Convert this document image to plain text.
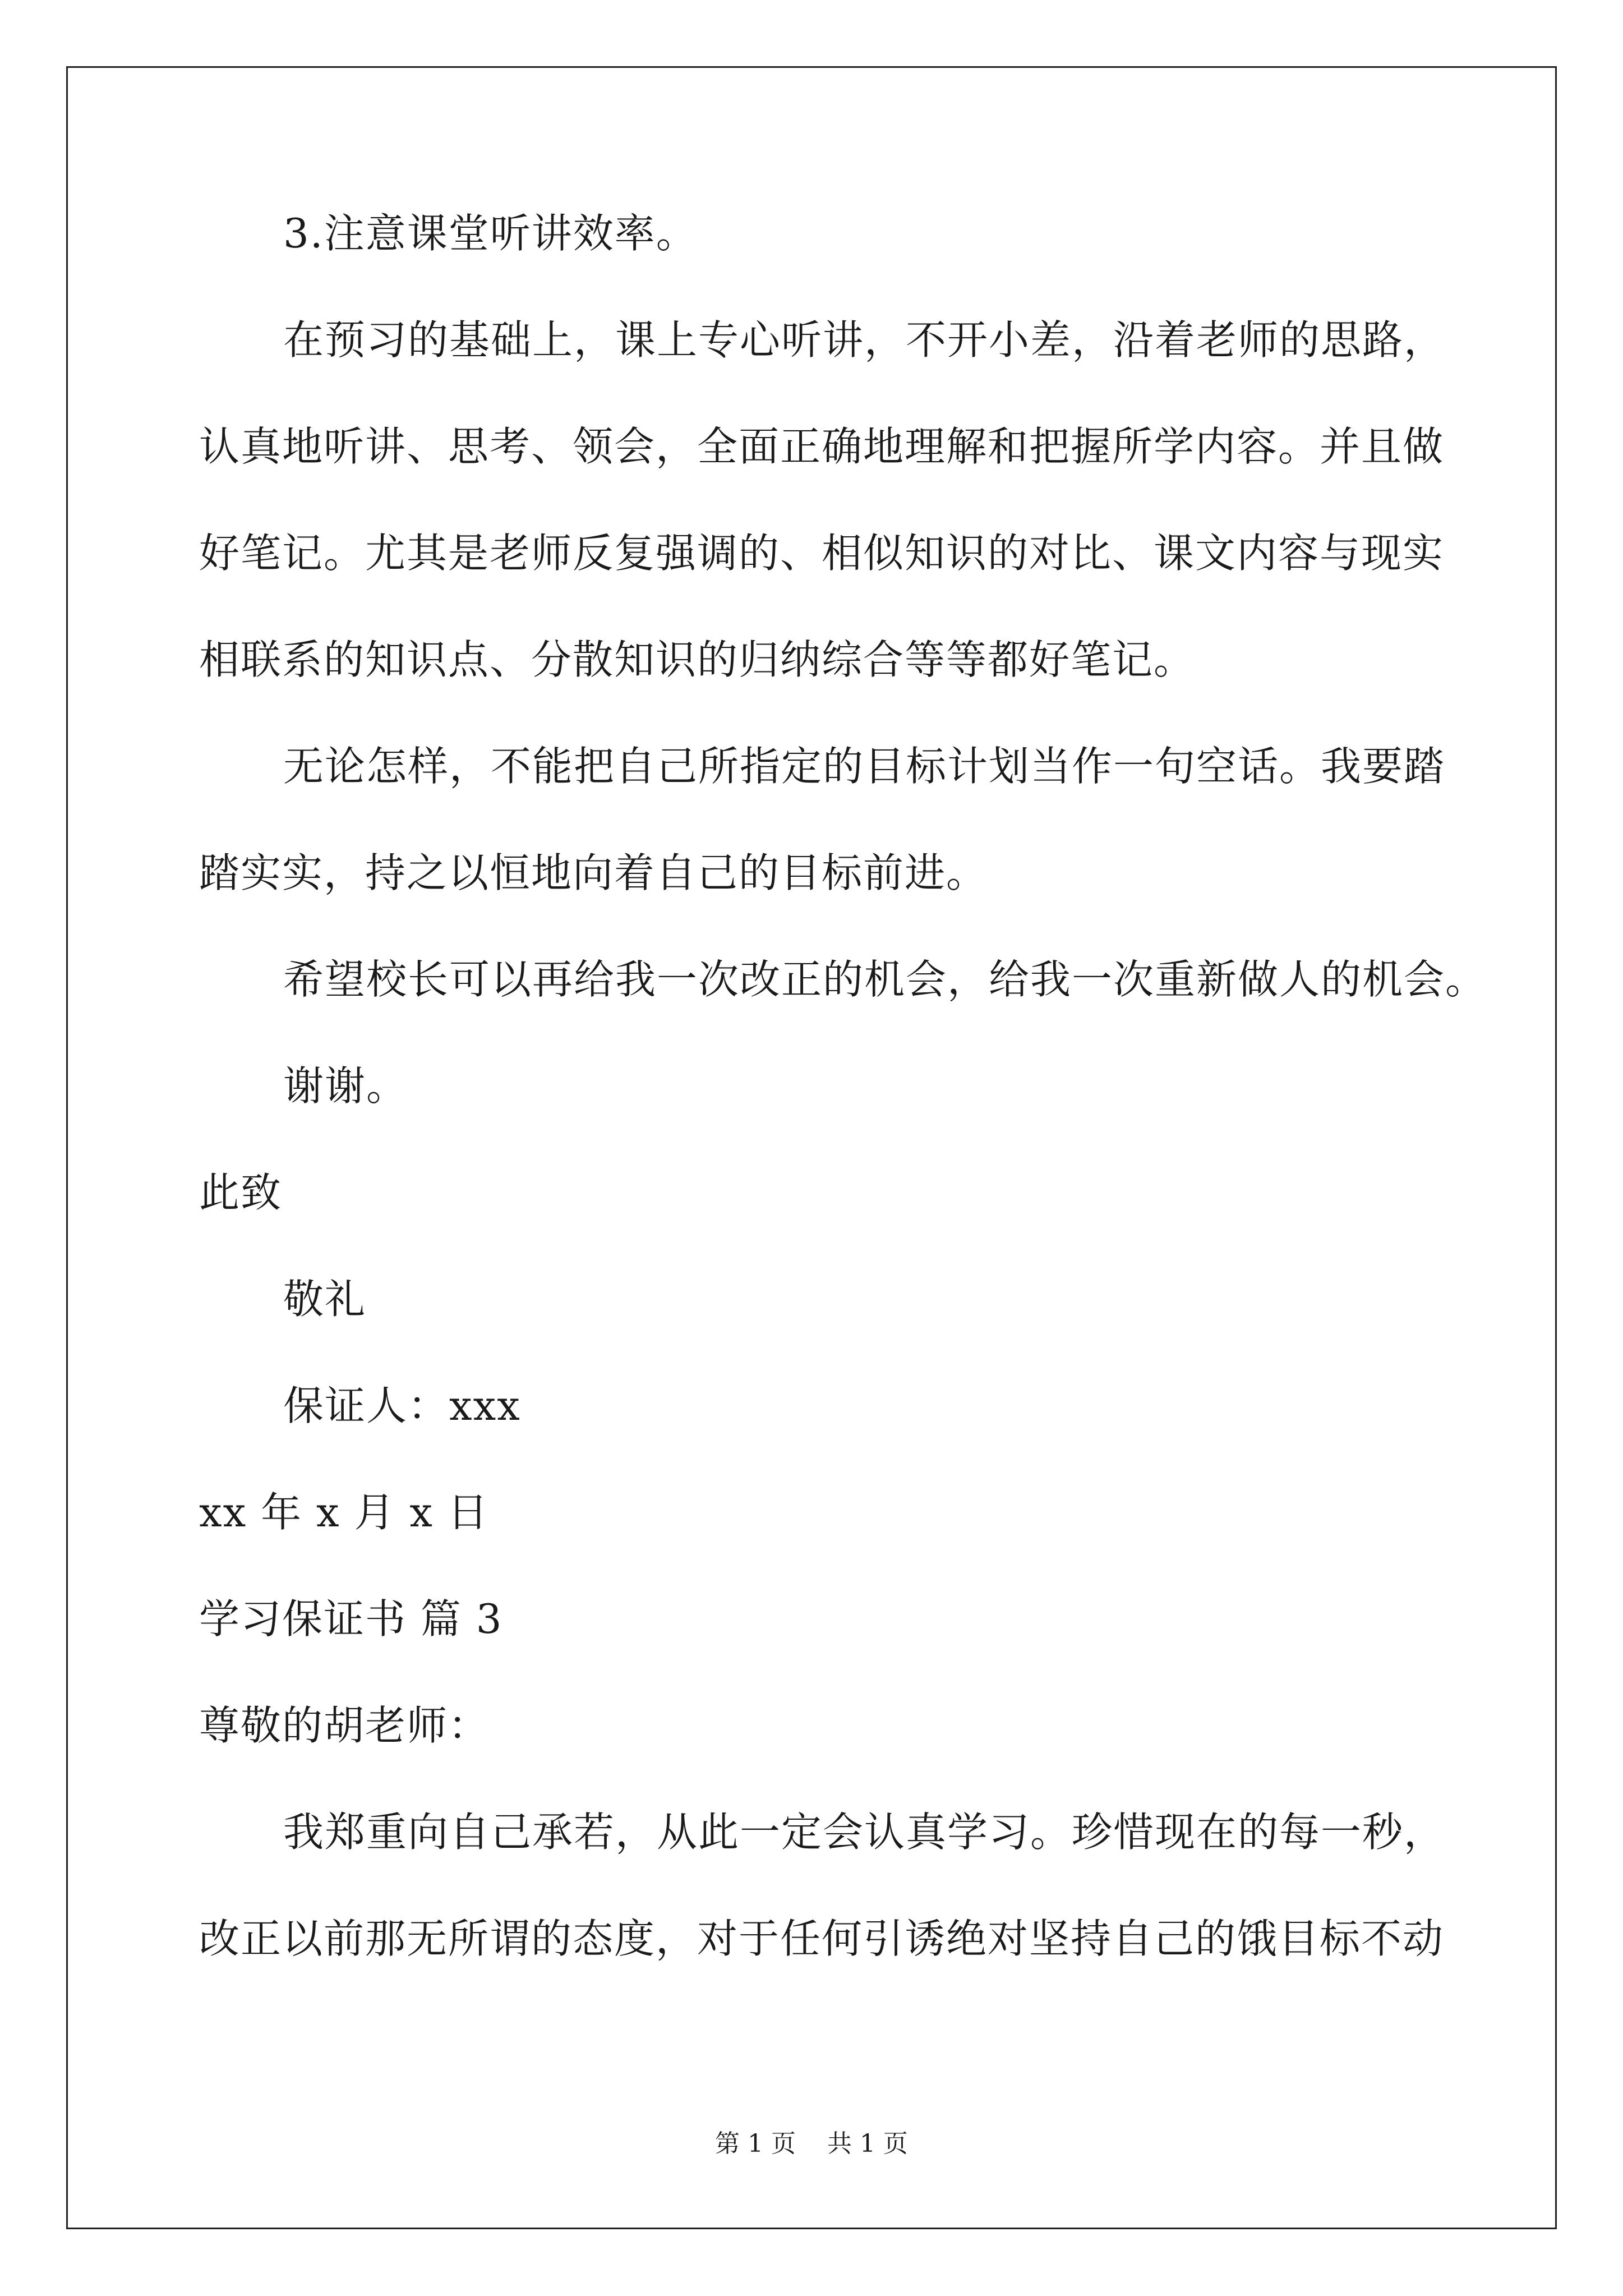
3.注意课堂听讲效率。
在预习的基础上，课上专心听讲，不开小差，沿着老师的思路，
认真地听讲、思考、领会，全面正确地理解和把握所学内容。并且做
好笔记。尤其是老师反复强调的、相似知识的对比、课文内容与现实
相联系的知识点、分散知识的归纳综合等等都好笔记。
无论怎样，不能把自己所指定的目标计划当作一句空话。我要踏
踏实实，持之以恒地向着自己的目标前进。
希望校长可以再给我一次改正的机会，给我一次重新做人的机会。
谢谢。
此致
敬礼
保证人：xxx
xx 年 x 月 x 日
学习保证书 篇 3
尊敬的胡老师：
我郑重向自己承若，从此一定会认真学习。珍惜现在的每一秒，
改正以前那无所谓的态度，对于任何引诱绝对坚持自己的饿目标不动
第 1 页    共 1 页
